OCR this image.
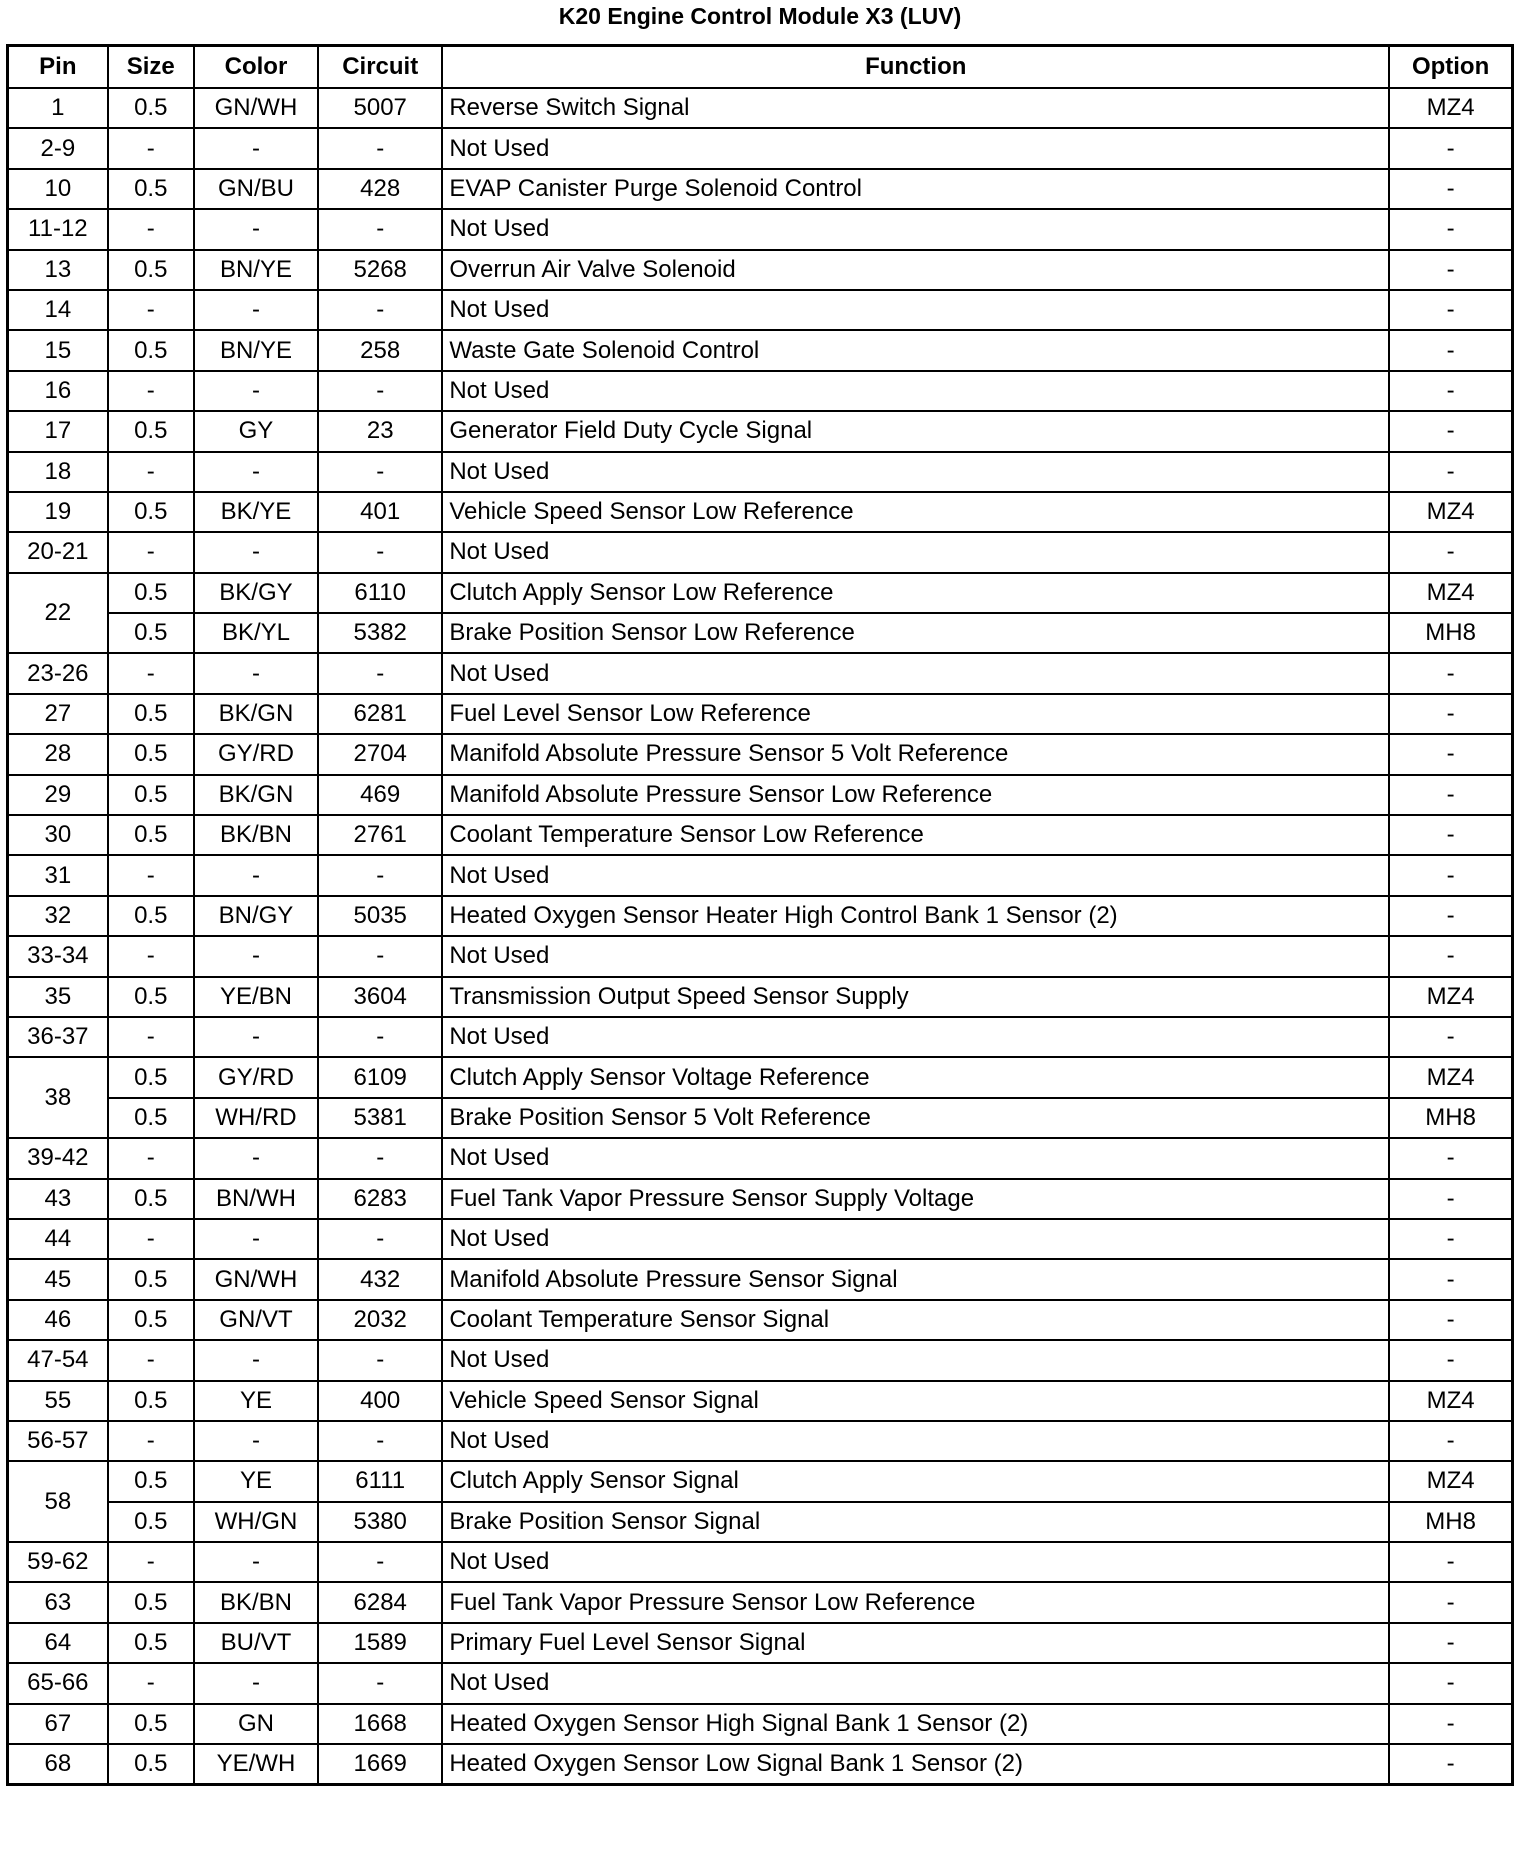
K20 Engine Control Module X3 (LUV)
Pin	Size	Color	Circuit	Function	Option
1	0.5	GN/WH	5007	Reverse Switch Signal	MZ4
2-9	-	-	-	Not Used	-
10	0.5	GN/BU	428	EVAP Canister Purge Solenoid Control	-
11-12	-	-	-	Not Used	-
13	0.5	BN/YE	5268	Overrun Air Valve Solenoid	-
14	-	-	-	Not Used	-
15	0.5	BN/YE	258	Waste Gate Solenoid Control	-
16	-	-	-	Not Used	-
17	0.5	GY	23	Generator Field Duty Cycle Signal	-
18	-	-	-	Not Used	-
19	0.5	BK/YE	401	Vehicle Speed Sensor Low Reference	MZ4
20-21	-	-	-	Not Used	-
22	0.5	BK/GY	6110	Clutch Apply Sensor Low Reference	MZ4
	0.5	BK/YL	5382	Brake Position Sensor Low Reference	MH8
23-26	-	-	-	Not Used	-
27	0.5	BK/GN	6281	Fuel Level Sensor Low Reference	-
28	0.5	GY/RD	2704	Manifold Absolute Pressure Sensor 5 Volt Reference	-
29	0.5	BK/GN	469	Manifold Absolute Pressure Sensor Low Reference	-
30	0.5	BK/BN	2761	Coolant Temperature Sensor Low Reference	-
31	-	-	-	Not Used	-
32	0.5	BN/GY	5035	Heated Oxygen Sensor Heater High Control Bank 1 Sensor (2)	-
33-34	-	-	-	Not Used	-
35	0.5	YE/BN	3604	Transmission Output Speed Sensor Supply	MZ4
36-37	-	-	-	Not Used	-
38	0.5	GY/RD	6109	Clutch Apply Sensor Voltage Reference	MZ4
	0.5	WH/RD	5381	Brake Position Sensor 5 Volt Reference	MH8
39-42	-	-	-	Not Used	-
43	0.5	BN/WH	6283	Fuel Tank Vapor Pressure Sensor Supply Voltage	-
44	-	-	-	Not Used	-
45	0.5	GN/WH	432	Manifold Absolute Pressure Sensor Signal	-
46	0.5	GN/VT	2032	Coolant Temperature Sensor Signal	-
47-54	-	-	-	Not Used	-
55	0.5	YE	400	Vehicle Speed Sensor Signal	MZ4
56-57	-	-	-	Not Used	-
58	0.5	YE	6111	Clutch Apply Sensor Signal	MZ4
	0.5	WH/GN	5380	Brake Position Sensor Signal	MH8
59-62	-	-	-	Not Used	-
63	0.5	BK/BN	6284	Fuel Tank Vapor Pressure Sensor Low Reference	-
64	0.5	BU/VT	1589	Primary Fuel Level Sensor Signal	-
65-66	-	-	-	Not Used	-
67	0.5	GN	1668	Heated Oxygen Sensor High Signal Bank 1 Sensor (2)	-
68	0.5	YE/WH	1669	Heated Oxygen Sensor Low Signal Bank 1 Sensor (2)	-
